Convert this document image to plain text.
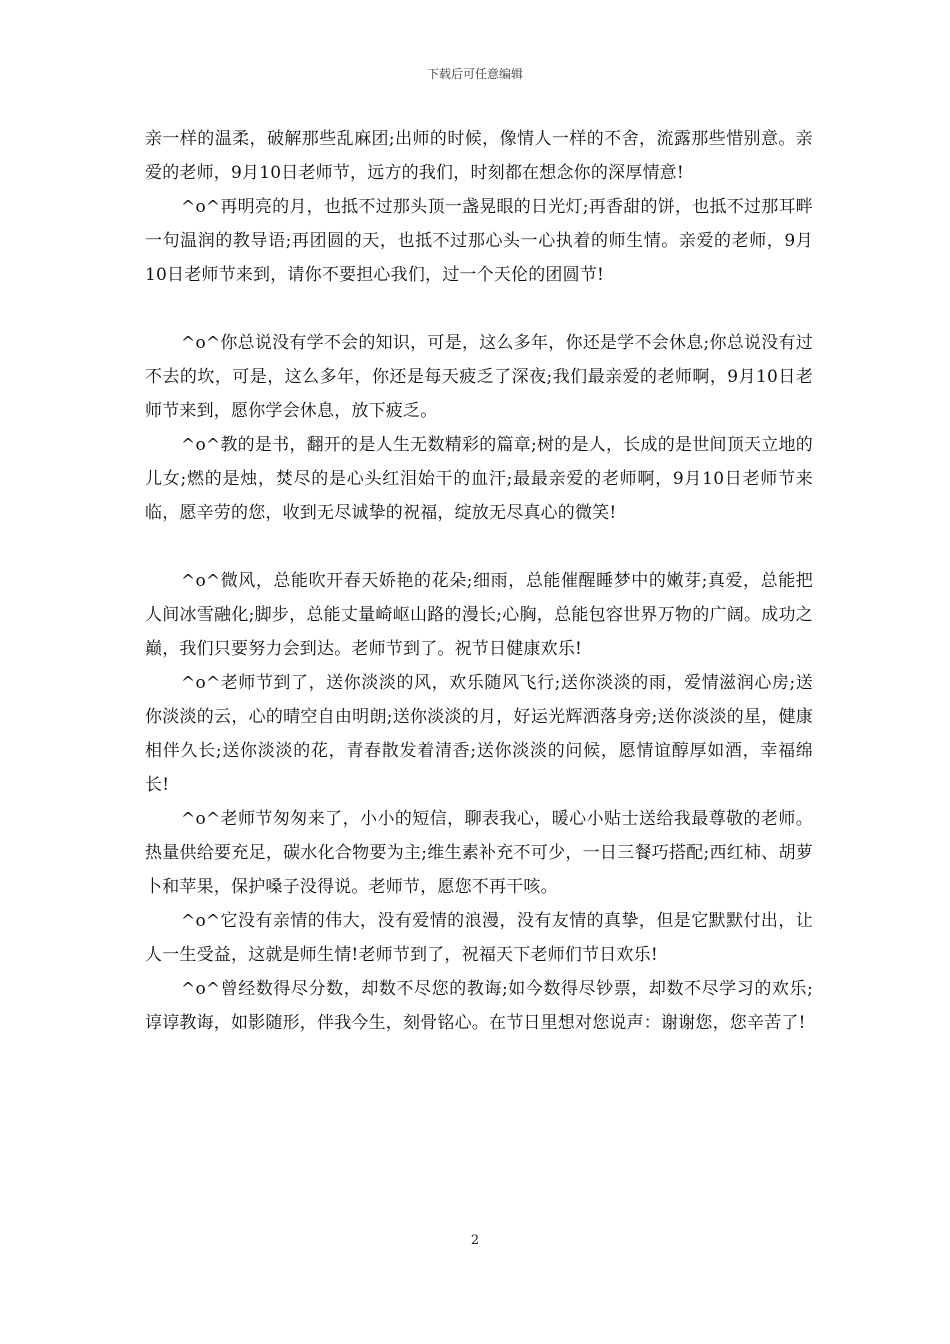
下载后可任意编辑

亲一样的温柔，破解那些乱麻团;出师的时候，像情人一样的不舍，流露那些惜别意。亲爱的老师，9月10日老师节，远方的我们，时刻都在想念你的深厚情意!

^o^再明亮的月，也抵不过那头顶一盏晃眼的日光灯;再香甜的饼，也抵不过那耳畔一句温润的教导语;再团圆的天，也抵不过那心头一心执着的师生情。亲爱的老师，9月10日老师节来到，请你不要担心我们，过一个天伦的团圆节!

^o^你总说没有学不会的知识，可是，这么多年，你还是学不会休息;你总说没有过不去的坎，可是，这么多年，你还是每天疲乏了深夜;我们最亲爱的老师啊，9月10日老师节来到，愿你学会休息，放下疲乏。

^o^教的是书，翻开的是人生无数精彩的篇章;树的是人，长成的是世间顶天立地的儿女;燃的是烛，焚尽的是心头红泪始干的血汗;最最亲爱的老师啊，9月10日老师节来临，愿辛劳的您，收到无尽诚挚的祝福，绽放无尽真心的微笑!

^o^微风，总能吹开春天娇艳的花朵;细雨，总能催醒睡梦中的嫩芽;真爱，总能把人间冰雪融化;脚步，总能丈量崎岖山路的漫长;心胸，总能包容世界万物的广阔。成功之巅，我们只要努力会到达。老师节到了。祝节日健康欢乐!

^o^老师节到了，送你淡淡的风，欢乐随风飞行;送你淡淡的雨，爱情滋润心房;送你淡淡的云，心的晴空自由明朗;送你淡淡的月，好运光辉洒落身旁;送你淡淡的星，健康相伴久长;送你淡淡的花，青春散发着清香;送你淡淡的问候，愿情谊醇厚如酒，幸福绵长!

^o^老师节匆匆来了，小小的短信，聊表我心，暖心小贴士送给我最尊敬的老师。热量供给要充足，碳水化合物要为主;维生素补充不可少，一日三餐巧搭配;西红柿、胡萝卜和苹果，保护嗓子没得说。老师节，愿您不再干咳。

^o^它没有亲情的伟大，没有爱情的浪漫，没有友情的真挚，但是它默默付出，让人一生受益，这就是师生情!老师节到了，祝福天下老师们节日欢乐!

^o^曾经数得尽分数，却数不尽您的教诲;如今数得尽钞票，却数不尽学习的欢乐;谆谆教诲，如影随形，伴我今生，刻骨铭心。在节日里想对您说声：谢谢您，您辛苦了!

2
